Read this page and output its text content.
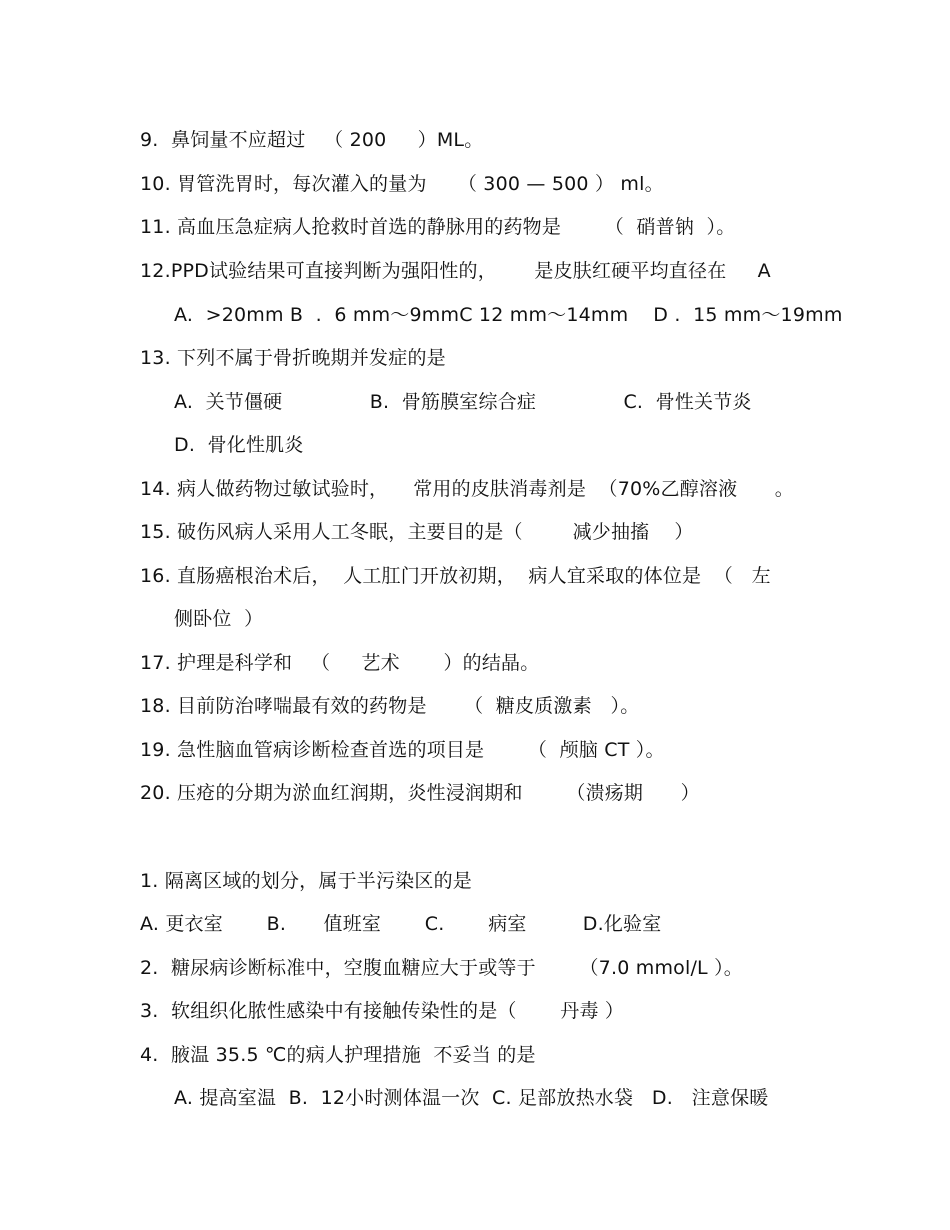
9.  鼻饲量不应超过   （ 200     ）ML。
10. 胃管洗胃时，每次灌入的量为     （ 300 — 500 ） ml。
11. 高血压急症病人抢救时首选的静脉用的药物是       （  硝普钠  ）。
12.PPD试验结果可直接判断为强阳性的，      是皮肤红硬平均直径在     A
A.  >20mm B  .  6 mm～9mmC 12 mm～14mm    D .  15 mm～19mm
13. 下列不属于骨折晚期并发症的是
A.  关节僵硬              B.  骨筋膜室综合症              C.  骨性关节炎
D.  骨化性肌炎
14. 病人做药物过敏试验时，    常用的皮肤消毒剂是  （70%乙醇溶液      。
15. 破伤风病人采用人工冬眠，主要目的是（        减少抽搐    ）
16. 直肠癌根治术后，  人工肛门开放初期，  病人宜采取的体位是  （   左
侧卧位  ）
17. 护理是科学和   （     艺术       ）的结晶。
18. 目前防治哮喘最有效的药物是      （  糖皮质激素   ）。
19. 急性脑血管病诊断检查首选的项目是       （  颅脑 CT ）。
20. 压疮的分期为淤血红润期，炎性浸润期和       （溃疡期      ）
1. 隔离区域的划分，属于半污染区的是
A. 更衣室       B.      值班室       C.       病室         D.化验室
2.  糖尿病诊断标准中，空腹血糖应大于或等于       （7.0 mmol/L ）。
3.  软组织化脓性感染中有接触传染性的是（       丹毒 ）
4.  腋温 35.5 ℃的病人护理措施  不妥当 的是
A. 提高室温  B.  12小时测体温一次  C. 足部放热水袋   D.   注意保暖
